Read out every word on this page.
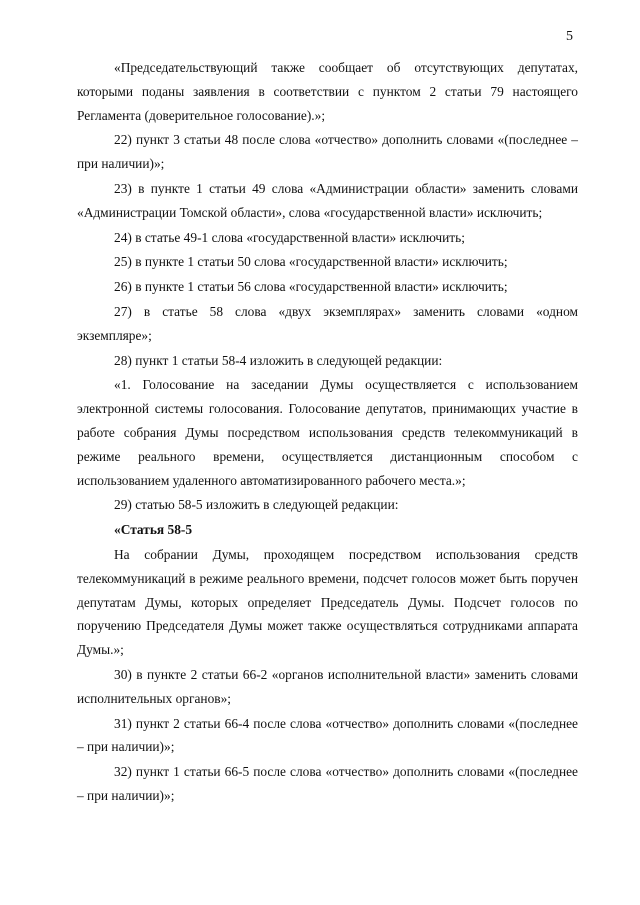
5

«Председательствующий также сообщает об отсутствующих депутатах, которыми поданы заявления в соответствии с пунктом 2 статьи 79 настоящего Регламента (доверительное голосование).»;

22) пункт 3 статьи 48 после слова «отчество» дополнить словами «(последнее – при наличии)»;

23) в пункте 1 статьи 49 слова «Администрации области» заменить словами «Администрации Томской области», слова «государственной власти» исключить;

24) в статье 49-1 слова «государственной власти» исключить;

25) в пункте 1 статьи 50 слова «государственной власти» исключить;

26) в пункте 1 статьи 56 слова «государственной власти» исключить;

27) в статье 58 слова «двух экземплярах» заменить словами «одном экземпляре»;

28) пункт 1 статьи 58-4 изложить в следующей редакции:

«1. Голосование на заседании Думы осуществляется с использованием электронной системы голосования. Голосование депутатов, принимающих участие в работе собрания Думы посредством использования средств телекоммуникаций в режиме реального времени, осуществляется дистанционным способом с использованием удаленного автоматизированного рабочего места.»;

29) статью 58-5 изложить в следующей редакции:

«Статья 58-5

На собрании Думы, проходящем посредством использования средств телекоммуникаций в режиме реального времени, подсчет голосов может быть поручен депутатам Думы, которых определяет Председатель Думы. Подсчет голосов по поручению Председателя Думы может также осуществляться сотрудниками аппарата Думы.»;

30) в пункте 2 статьи 66-2 «органов исполнительной власти» заменить словами исполнительных органов»;

31) пункт 2 статьи 66-4 после слова «отчество» дополнить словами «(последнее – при наличии)»;

32) пункт 1 статьи 66-5 после слова «отчество» дополнить словами «(последнее – при наличии)»;
